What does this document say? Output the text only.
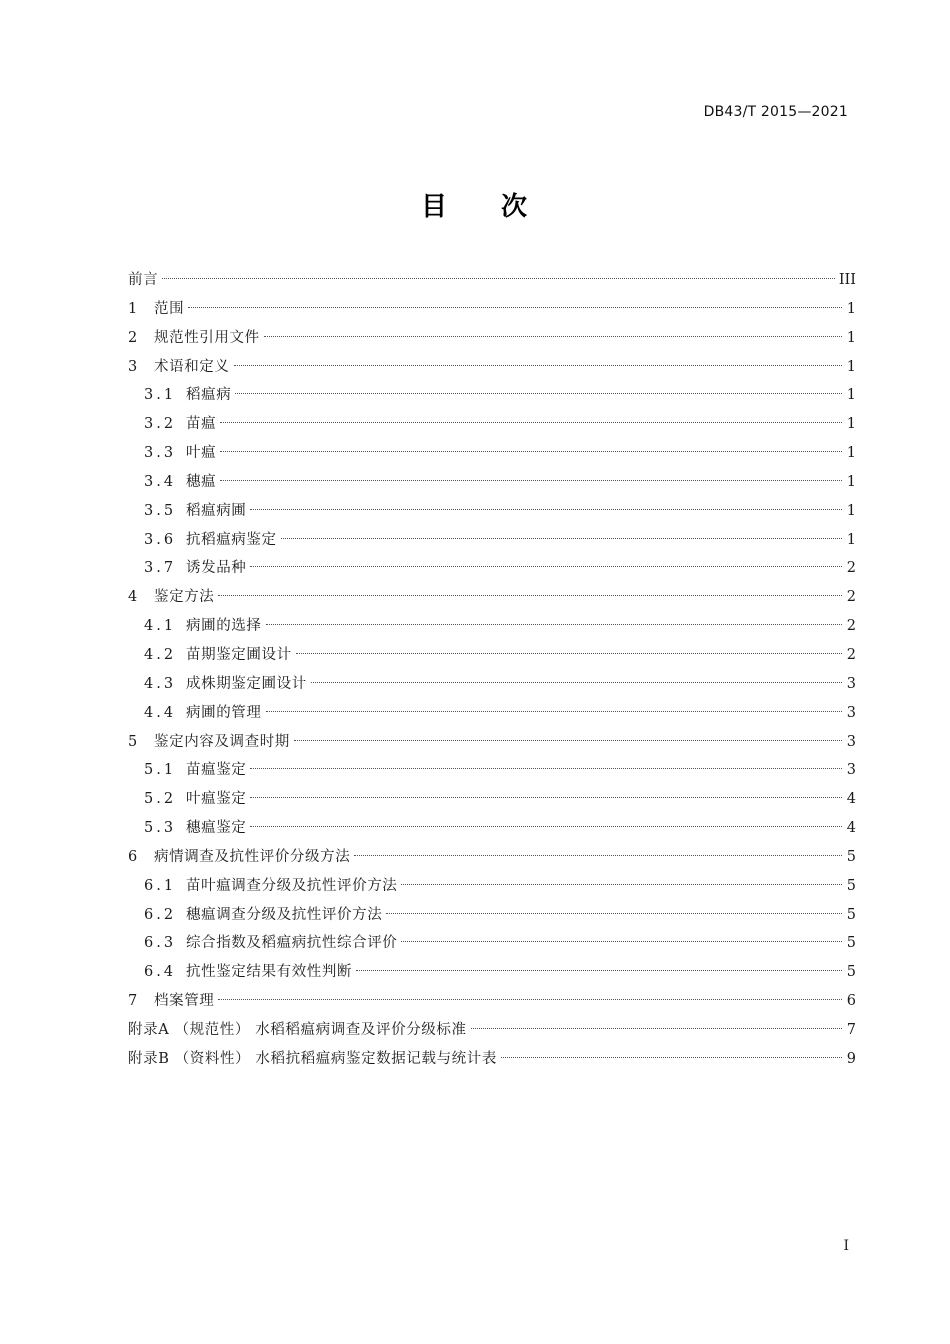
DB43/T 2015—2021
目 次
前言	III
1	范围	1
2	规范性引用文件	1
3	术语和定义	1
3.1 稻瘟病	1
3.2 苗瘟	1
3.3 叶瘟	1
3.4 穗瘟	1
3.5 稻瘟病圃	1
3.6 抗稻瘟病鉴定	1
3.7 诱发品种	2
4	鉴定方法	2
4.1 病圃的选择	2
4.2 苗期鉴定圃设计	2
4.3 成株期鉴定圃设计	3
4.4 病圃的管理	3
5	鉴定内容及调查时期	3
5.1 苗瘟鉴定	3
5.2 叶瘟鉴定	4
5.3 穗瘟鉴定	4
6	病情调查及抗性评价分级方法	5
6.1 苗叶瘟调查分级及抗性评价方法	5
6.2 穗瘟调查分级及抗性评价方法	5
6.3 综合指数及稻瘟病抗性综合评价	5
6.4 抗性鉴定结果有效性判断	5
7	档案管理	6
附录A （规范性） 水稻稻瘟病调查及评价分级标准	7
附录B （资料性） 水稻抗稻瘟病鉴定数据记载与统计表	9
I
